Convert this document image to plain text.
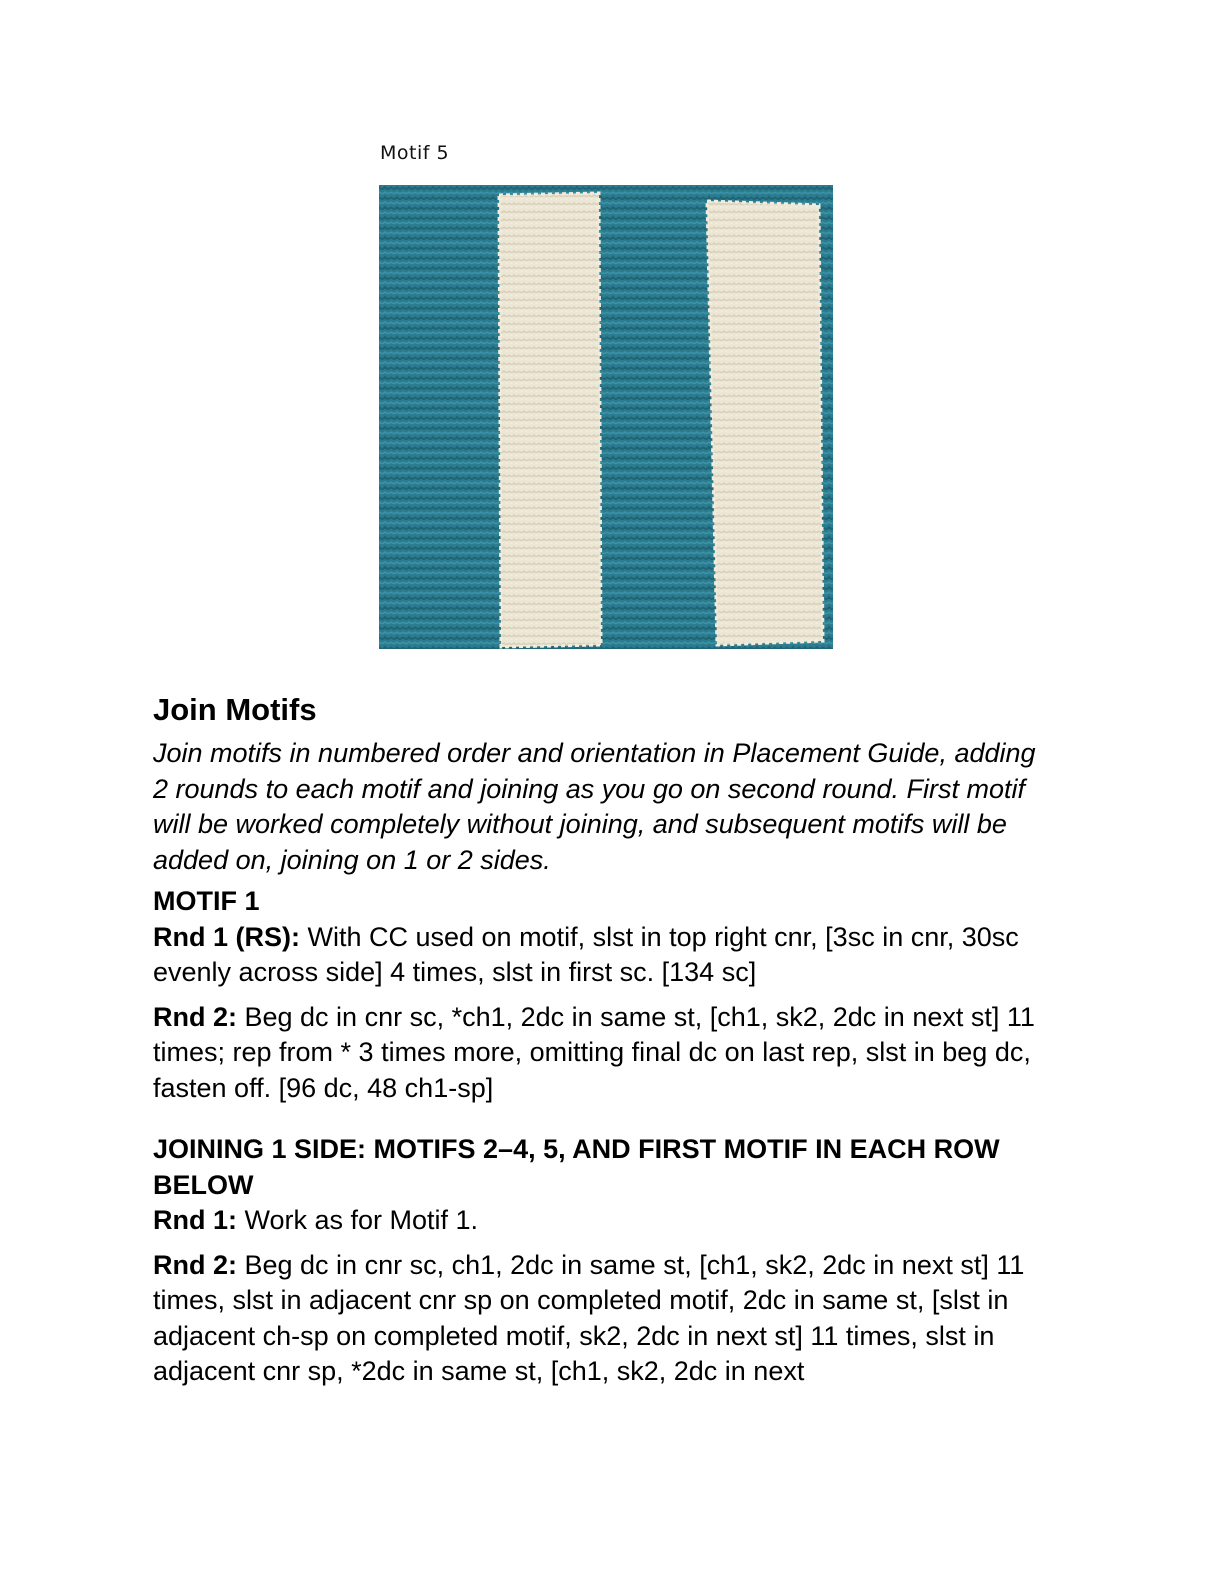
Motif 5
Join Motifs

Join motifs in numbered order and orientation in Placement Guide, adding 2 rounds to each motif and joining as you go on second round. First motif will be worked completely without joining, and subsequent motifs will be added on, joining on 1 or 2 sides.

MOTIF 1

Rnd 1 (RS): With CC used on motif, slst in top right cnr, [3sc in cnr, 30sc evenly across side] 4 times, slst in first sc. [134 sc]

Rnd 2: Beg dc in cnr sc, *ch1, 2dc in same st, [ch1, sk2, 2dc in next st] 11 times; rep from * 3 times more, omitting final dc on last rep, slst in beg dc, fasten off. [96 dc, 48 ch1-sp]

JOINING 1 SIDE: MOTIFS 2–4, 5, AND FIRST MOTIF IN EACH ROW BELOW

Rnd 1: Work as for Motif 1.

Rnd 2: Beg dc in cnr sc, ch1, 2dc in same st, [ch1, sk2, 2dc in next st] 11 times, slst in adjacent cnr sp on completed motif, 2dc in same st, [slst in adjacent ch-sp on completed motif, sk2, 2dc in next st] 11 times, slst in adjacent cnr sp, *2dc in same st, [ch1, sk2, 2dc in next
